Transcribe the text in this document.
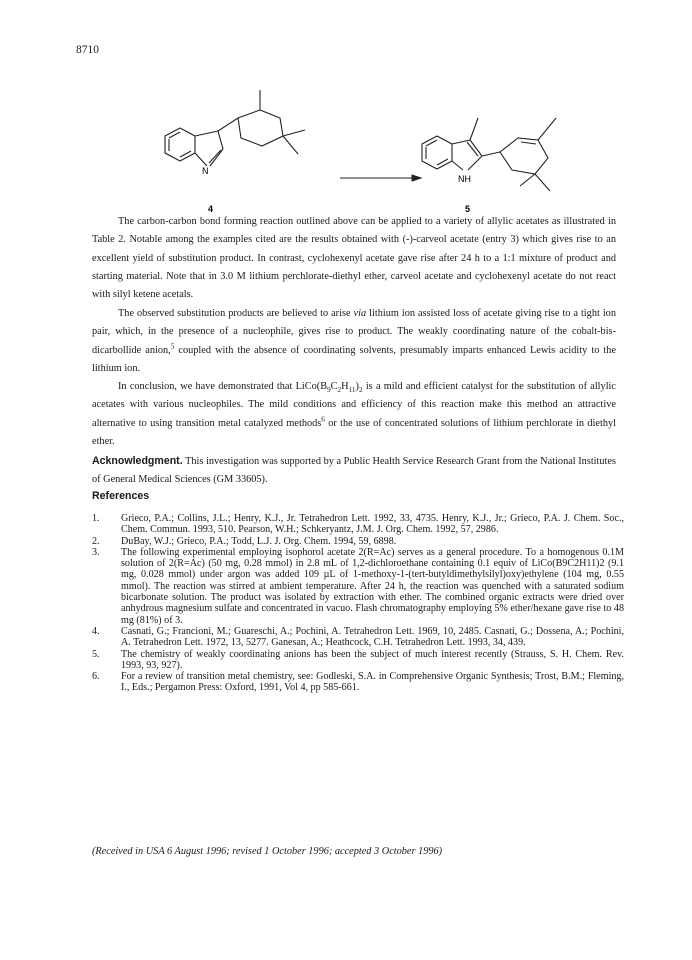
8710
N
NH
4	5

The carbon-carbon bond forming reaction outlined above can be applied to a variety of allylic acetates as illustrated in Table 2. Notable among the examples cited are the results obtained with (-)-carveol acetate (entry 3) which gives rise to an excellent yield of substitution product. In contrast, cyclohexenyl acetate gave rise after 24 h to a 1:1 mixture of product and starting material. Note that in 3.0 M lithium perchlorate-diethyl ether, carveol acetate and cyclohexenyl acetate do not react with silyl ketene acetals.

The observed substitution products are believed to arise via lithium ion assisted loss of acetate giving rise to a tight ion pair, which, in the presence of a nucleophile, gives rise to product. The weakly coordinating nature of the cobalt-bis-dicarbollide anion,$^5$ coupled with the absence of coordinating solvents, presumably imparts enhanced Lewis acidity to the lithium ion.

In conclusion, we have demonstrated that $LiCo(B_9C_2H_{11})_2$ is a mild and efficient catalyst for the substitution of allylic acetates with various nucleophiles. The mild conditions and efficiency of this reaction make this method an attractive alternative to using transition metal catalyzed methods$^6$ or the use of concentrated solutions of lithium perchlorate in diethyl ether.

Acknowledgment. This investigation was supported by a Public Health Service Research Grant from the National Institutes of General Medical Sciences (GM 33605).

References
1.	Grieco, P.A.; Collins, J.L.; Henry, K.J., Jr. Tetrahedron Lett. 1992, 33, 4735. Henry, K.J., Jr.; Grieco, P.A. J. Chem. Soc., Chem. Commun. 1993, 510. Pearson, W.H.; Schkeryantz, J.M. J. Org. Chem. 1992, 57, 2986.
2.	DuBay, W.J.; Grieco, P.A.; Todd, L.J. J. Org. Chem. 1994, 59, 6898.
3.	The following experimental employing isophorol acetate 2(R=Ac) serves as a general procedure. To a homogenous 0.1M solution of 2(R=Ac) (50 mg, 0.28 mmol) in 2.8 mL of 1,2-dichloroethane containing 0.1 equiv of LiCo(B9C2H11)2 (9.1 mg, 0.028 mmol) under argon was added 109 µL of 1-methoxy-1-(tert-butyldimethylsilyl)oxy)ethylene (104 mg, 0.55 mmol). The reaction was stirred at ambient temperature. After 24 h, the reaction was quenched with a saturated sodium bicarbonate solution. The product was isolated by extraction with ether. The combined organic extracts were dried over anhydrous magnesium sulfate and concentrated in vacuo. Flash chromatography employing 5% ether/hexane gave rise to 48 mg (81%) of 3.
4.	Casnati, G.; Francioni, M.; Guareschi, A.; Pochini, A. Tetrahedron Lett. 1969, 10, 2485. Casnati, G.; Dossena, A.; Pochini, A. Tetrahedron Lett. 1972, 13, 5277. Ganesan, A.; Heathcock, C.H. Tetrahedron Lett. 1993, 34, 439.
5.	The chemistry of weakly coordinating anions has been the subject of much interest recently (Strauss, S. H. Chem. Rev. 1993, 93, 927).
6.	For a review of transition metal chemistry, see: Godleski, S.A. in Comprehensive Organic Synthesis; Trost, B.M.; Fleming, I., Eds.; Pergamon Press: Oxford, 1991, Vol 4, pp 585-661.
(Received in USA 6 August 1996; revised 1 October 1996; accepted 3 October 1996)
